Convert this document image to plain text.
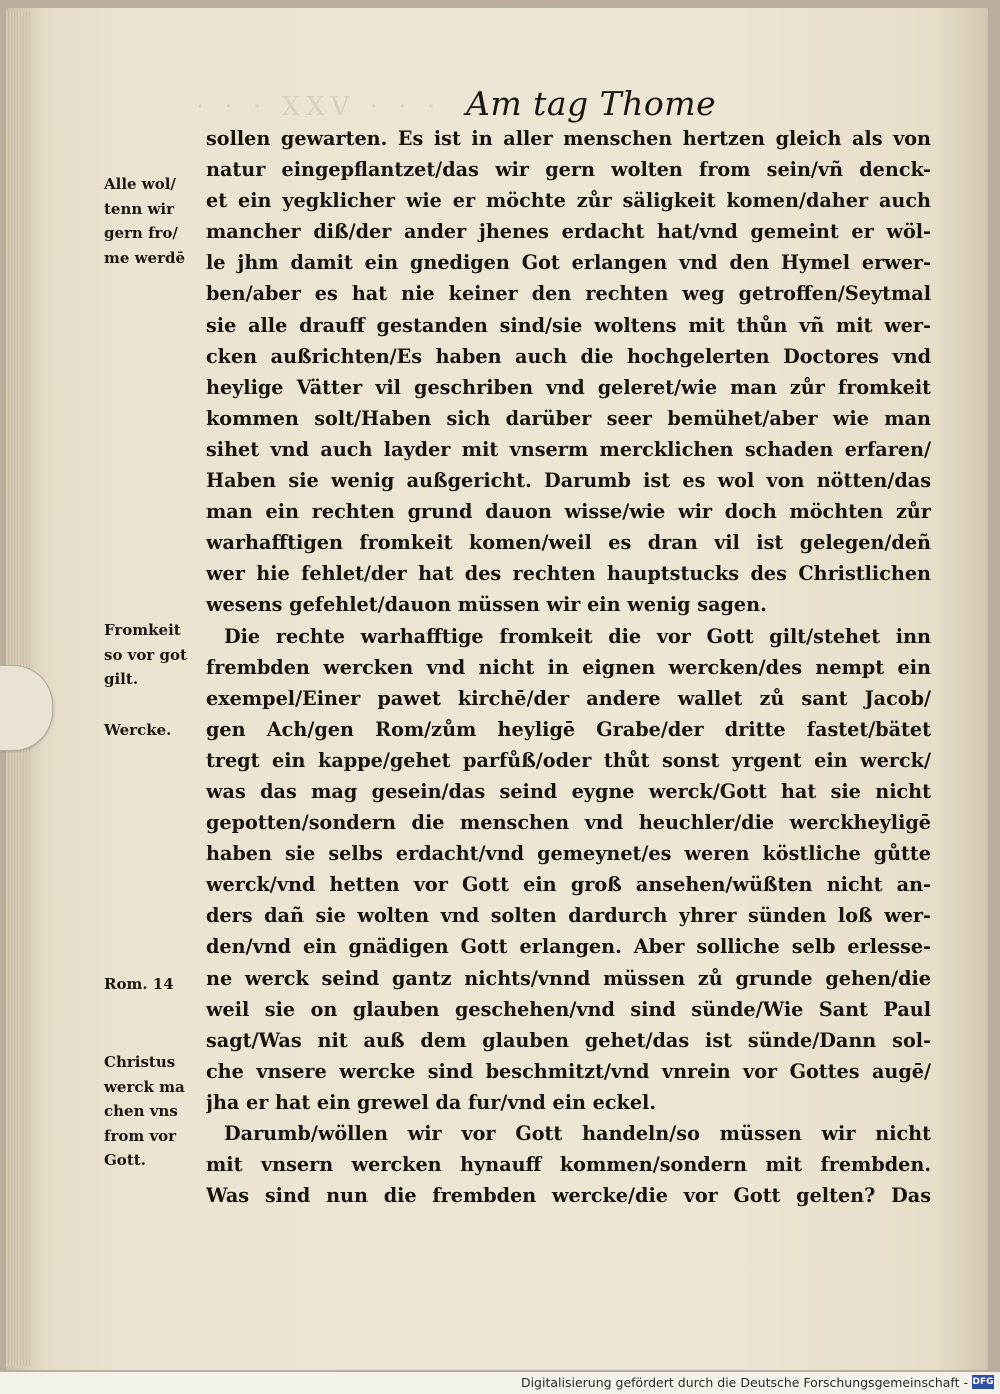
· · · XXV · · · Am tag Thome
sollen gewarten. Es ist in aller menschen hertzen gleich als von
natur eingepflantzet/das wir gern wolten from sein/vñ denck-
et ein yegklicher wie er möchte zůr säligkeit komen/daher auch
mancher diß/der ander jhenes erdacht hat/vnd gemeint er wöl-
le jhm damit ein gnedigen Got erlangen vnd den Hymel erwer-
ben/aber es hat nie keiner den rechten weg getroffen/Seytmal
sie alle drauff gestanden sind/sie woltens mit thůn vñ mit wer-
cken außrichten/Es haben auch die hochgelerten Doctores vnd
heylige Vätter vil geschriben vnd geleret/wie man zůr fromkeit
kommen solt/Haben sich darüber seer bemühet/aber wie man
sihet vnd auch layder mit vnserm mercklichen schaden erfaren/
Haben sie wenig außgericht. Darumb ist es wol von nötten/das
man ein rechten grund dauon wisse/wie wir doch möchten zůr
warhafftigen fromkeit komen/weil es dran vil ist gelegen/deñ
wer hie fehlet/der hat des rechten hauptstucks des Christlichen
wesens gefehlet/dauon müssen wir ein wenig sagen.
Die rechte warhafftige fromkeit die vor Gott gilt/stehet inn
frembden wercken vnd nicht in eignen wercken/des nempt ein
exempel/Einer pawet kirchē/der andere wallet zů sant Jacob/
gen Ach/gen Rom/zům heyligē Grabe/der dritte fastet/bätet
tregt ein kappe/gehet parfůß/oder thůt sonst yrgent ein werck/
was das mag gesein/das seind eygne werck/Gott hat sie nicht
gepotten/sondern die menschen vnd heuchler/die werckheyligē
haben sie selbs erdacht/vnd gemeynet/es weren köstliche gůtte
werck/vnd hetten vor Gott ein groß ansehen/wüßten nicht an-
ders dañ sie wolten vnd solten dardurch yhrer sünden loß wer-
den/vnd ein gnädigen Gott erlangen. Aber solliche selb erlesse-
ne werck seind gantz nichts/vnnd müssen zů grunde gehen/die
weil sie on glauben geschehen/vnd sind sünde/Wie Sant Paul
sagt/Was nit auß dem glauben gehet/das ist sünde/Dann sol-
che vnsere wercke sind beschmitzt/vnd vnrein vor Gottes augē/
jha er hat ein grewel da fur/vnd ein eckel.
Darumb/wöllen wir vor Gott handeln/so müssen wir nicht
mit vnsern wercken hynauff kommen/sondern mit frembden.
Was sind nun die frembden wercke/die vor Gott gelten? Das
Alle wol/
tenn wir
gern fro/
me werdē
Fromkeit
so vor got
gilt.
Wercke.
Rom. 14
Christus
werck ma
chen vns
from vor
Gott.
Digitalisierung gefördert durch die Deutsche Forschungsgemeinschaft - DFG
